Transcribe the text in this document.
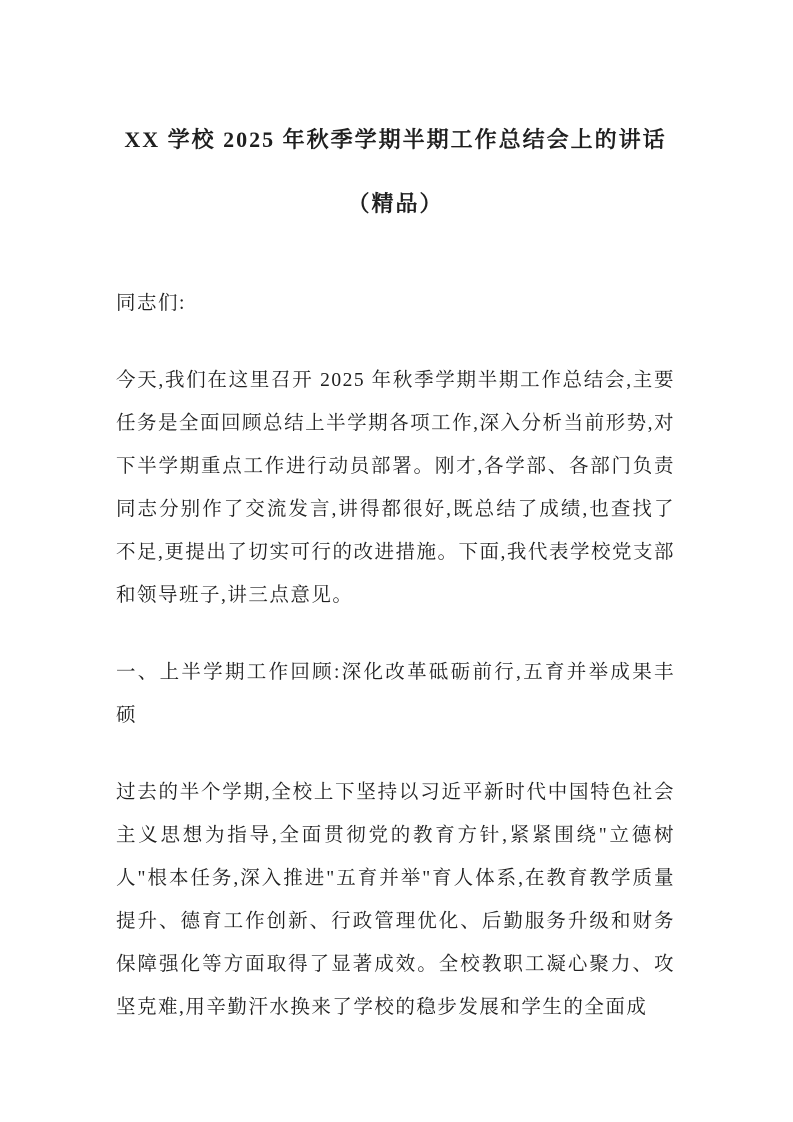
XX 学校 2025 年秋季学期半期工作总结会上的讲话
（精品）

同志们:

今天,我们在这里召开 2025 年秋季学期半期工作总结会,主要任务是全面回顾总结上半学期各项工作,深入分析当前形势,对下半学期重点工作进行动员部署。刚才,各学部、各部门负责同志分别作了交流发言,讲得都很好,既总结了成绩,也查找了不足,更提出了切实可行的改进措施。下面,我代表学校党支部和领导班子,讲三点意见。

一、上半学期工作回顾:深化改革砥砺前行,五育并举成果丰硕

过去的半个学期,全校上下坚持以习近平新时代中国特色社会主义思想为指导,全面贯彻党的教育方针,紧紧围绕"立德树人"根本任务,深入推进"五育并举"育人体系,在教育教学质量提升、德育工作创新、行政管理优化、后勤服务升级和财务保障强化等方面取得了显著成效。全校教职工凝心聚力、攻坚克难,用辛勤汗水换来了学校的稳步发展和学生的全面成
